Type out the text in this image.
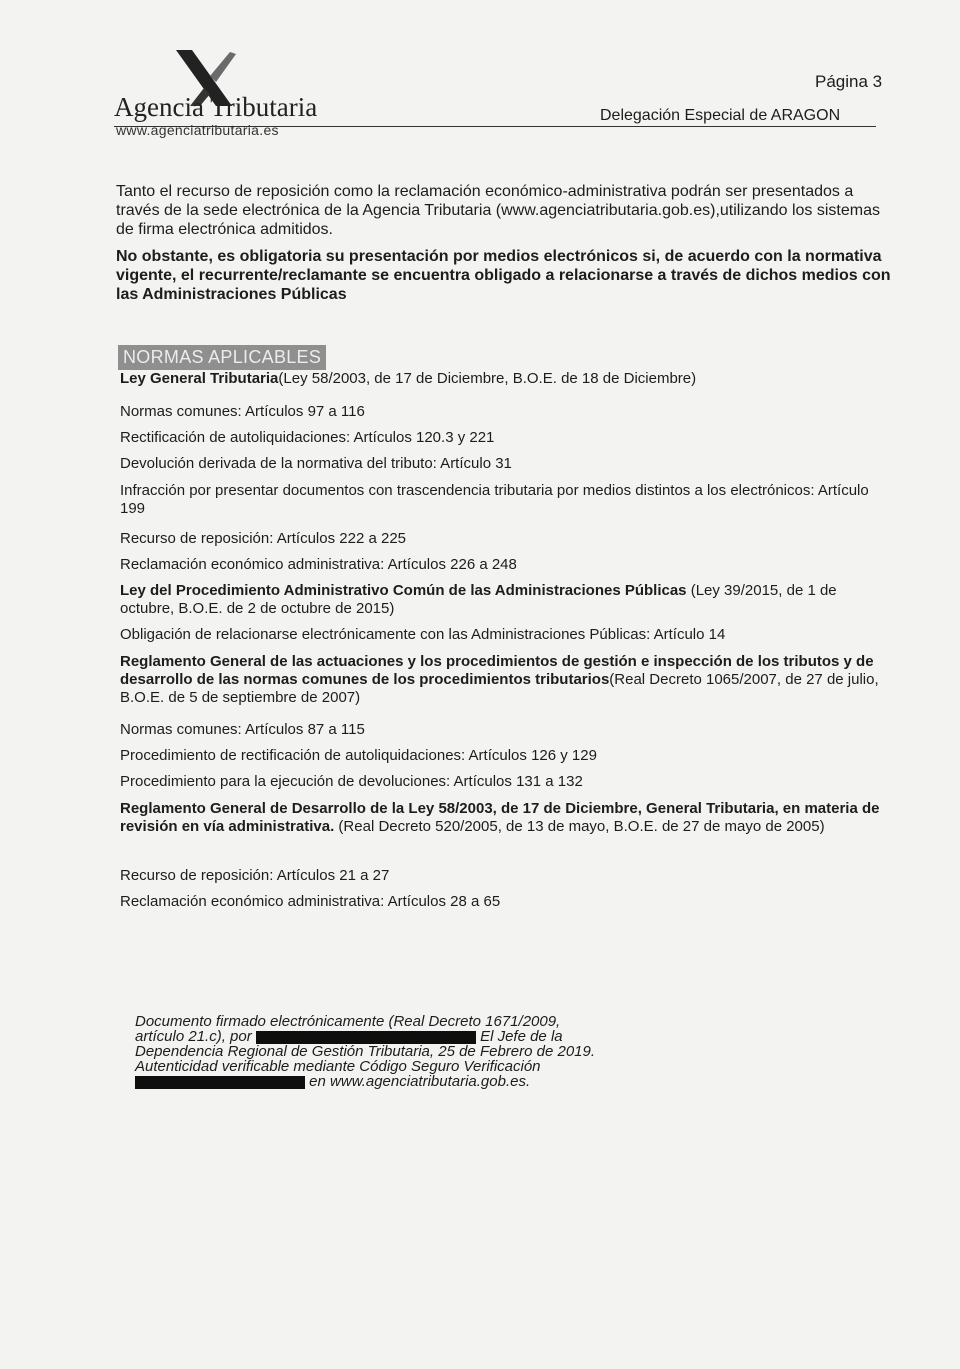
Agencia Tributaria
www.agenciatributaria.es
Página 3
Delegación Especial de ARAGON
Tanto el recurso de reposición como la reclamación económico-administrativa podrán ser presentados a través de la sede electrónica de la Agencia Tributaria (www.agenciatributaria.gob.es),utilizando los sistemas de firma electrónica admitidos.
No obstante, es obligatoria su presentación por medios electrónicos si, de acuerdo con la normativa vigente, el recurrente/reclamante se encuentra obligado a relacionarse a través de dichos medios con las Administraciones Públicas
NORMAS APLICABLES
Ley General Tributaria(Ley 58/2003, de 17 de Diciembre, B.O.E. de 18 de Diciembre)
Normas comunes: Artículos 97 a 116
Rectificación de autoliquidaciones: Artículos 120.3 y 221
Devolución derivada de la normativa del tributo: Artículo 31
Infracción por presentar documentos con trascendencia tributaria por medios distintos a los electrónicos: Artículo 199
Recurso de reposición: Artículos 222 a 225
Reclamación económico administrativa: Artículos 226 a 248
Ley del Procedimiento Administrativo Común de las Administraciones Públicas (Ley 39/2015, de 1 de octubre, B.O.E. de 2 de octubre de 2015)
Obligación de relacionarse electrónicamente con las Administraciones Públicas: Artículo 14
Reglamento General de las actuaciones y los procedimientos de gestión e inspección de los tributos y de desarrollo de las normas comunes de los procedimientos tributarios(Real Decreto 1065/2007, de 27 de julio, B.O.E. de 5 de septiembre de 2007)
Normas comunes: Artículos 87 a 115
Procedimiento de rectificación de autoliquidaciones: Artículos 126 y 129
Procedimiento para la ejecución de devoluciones: Artículos 131 a 132
Reglamento General de Desarrollo de la Ley 58/2003, de 17 de Diciembre, General Tributaria, en materia de revisión en vía administrativa. (Real Decreto 520/2005, de 13 de mayo, B.O.E. de 27 de mayo de 2005)
Recurso de reposición: Artículos 21 a 27
Reclamación económico administrativa: Artículos 28 a 65
Documento firmado electrónicamente (Real Decreto 1671/2009,
artículo 21.c), por	El Jefe de la
Dependencia Regional de Gestión Tributaria, 25 de Febrero de 2019.
Autenticidad verificable mediante Código Seguro Verificación
en www.agenciatributaria.gob.es.
